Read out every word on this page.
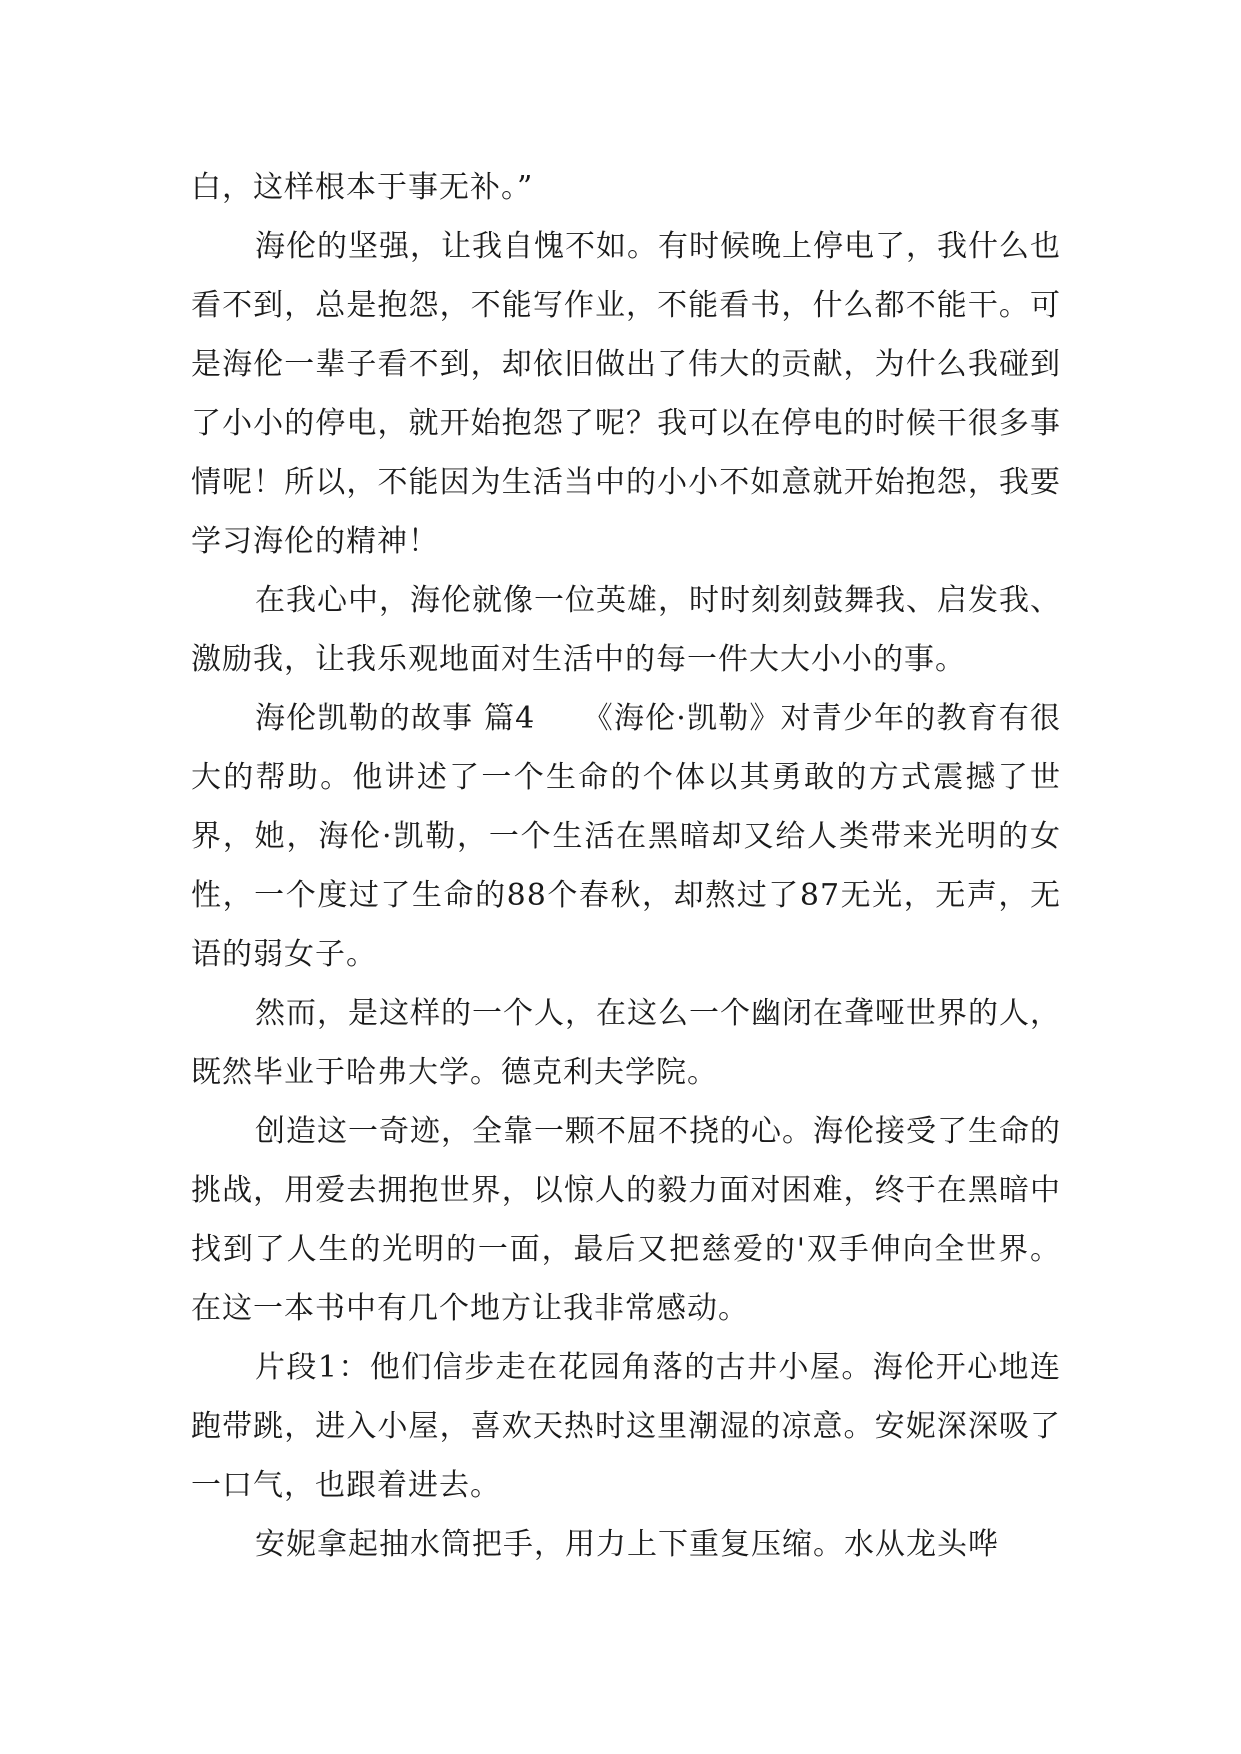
白，这样根本于事无补。”

海伦的坚强，让我自愧不如。有时候晚上停电了，我什么也看不到，总是抱怨，不能写作业，不能看书，什么都不能干。可是海伦一辈子看不到，却依旧做出了伟大的贡献，为什么我碰到了小小的停电，就开始抱怨了呢？我可以在停电的时候干很多事情呢！所以，不能因为生活当中的小小不如意就开始抱怨，我要学习海伦的精神！

在我心中，海伦就像一位英雄，时时刻刻鼓舞我、启发我、激励我，让我乐观地面对生活中的每一件大大小小的事。

海伦凯勒的故事 篇4　　《海伦·凯勒》对青少年的教育有很大的帮助。他讲述了一个生命的个体以其勇敢的方式震撼了世界，她，海伦·凯勒，一个生活在黑暗却又给人类带来光明的女性，一个度过了生命的88个春秋，却熬过了87无光，无声，无语的弱女子。

然而，是这样的一个人，在这么一个幽闭在聋哑世界的人，既然毕业于哈弗大学。德克利夫学院。

创造这一奇迹，全靠一颗不屈不挠的心。海伦接受了生命的挑战，用爱去拥抱世界，以惊人的毅力面对困难，终于在黑暗中找到了人生的光明的一面，最后又把慈爱的'双手伸向全世界。在这一本书中有几个地方让我非常感动。

片段1：他们信步走在花园角落的古井小屋。海伦开心地连跑带跳，进入小屋，喜欢天热时这里潮湿的凉意。安妮深深吸了一口气，也跟着进去。

安妮拿起抽水筒把手，用力上下重复压缩。水从龙头哗
